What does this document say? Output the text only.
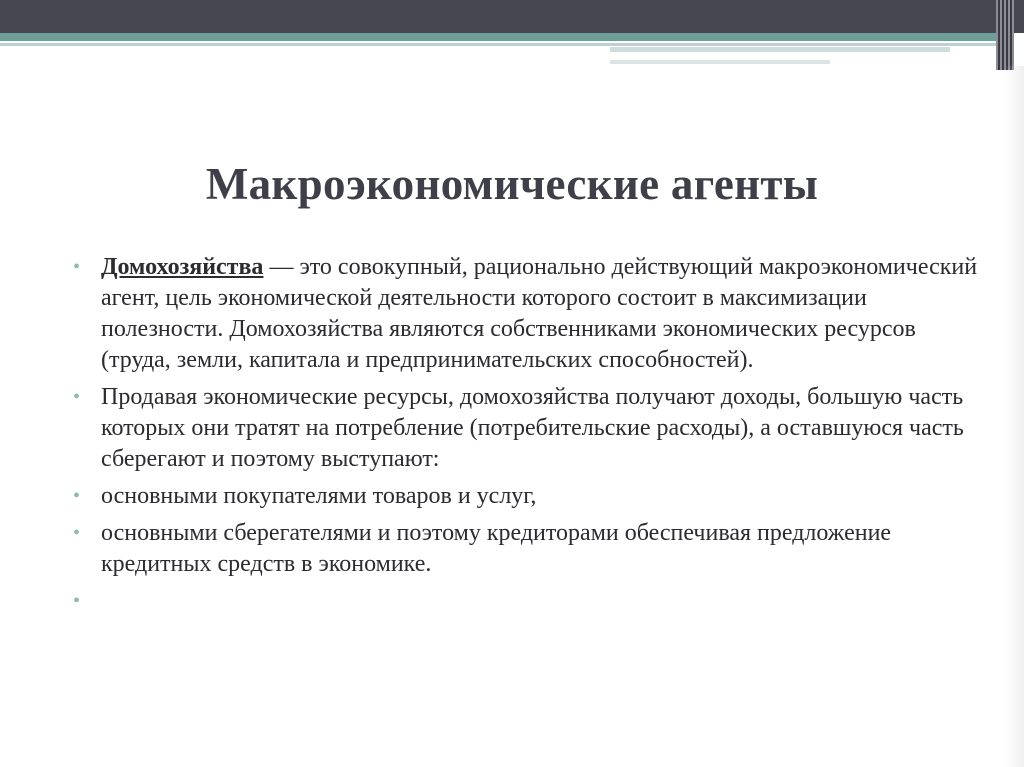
Макроэкономические агенты
• Домохозяйства — это совокупный, рационально действующий макроэкономический агент, цель экономической деятельности которого состоит в максимизации полезности. Домохозяйства являются собственниками экономических ресурсов (труда, земли, капитала и предпринимательских способностей).
• Продавая экономические ресурсы, домохозяйства получают доходы, большую часть которых они тратят на потребление (потребительские расходы), а оставшуюся часть сберегают и поэтому выступают:
• основными покупателями товаров и услуг,
• основными сберегателями и поэтому кредиторами обеспечивая предложение кредитных средств в экономике.
•
